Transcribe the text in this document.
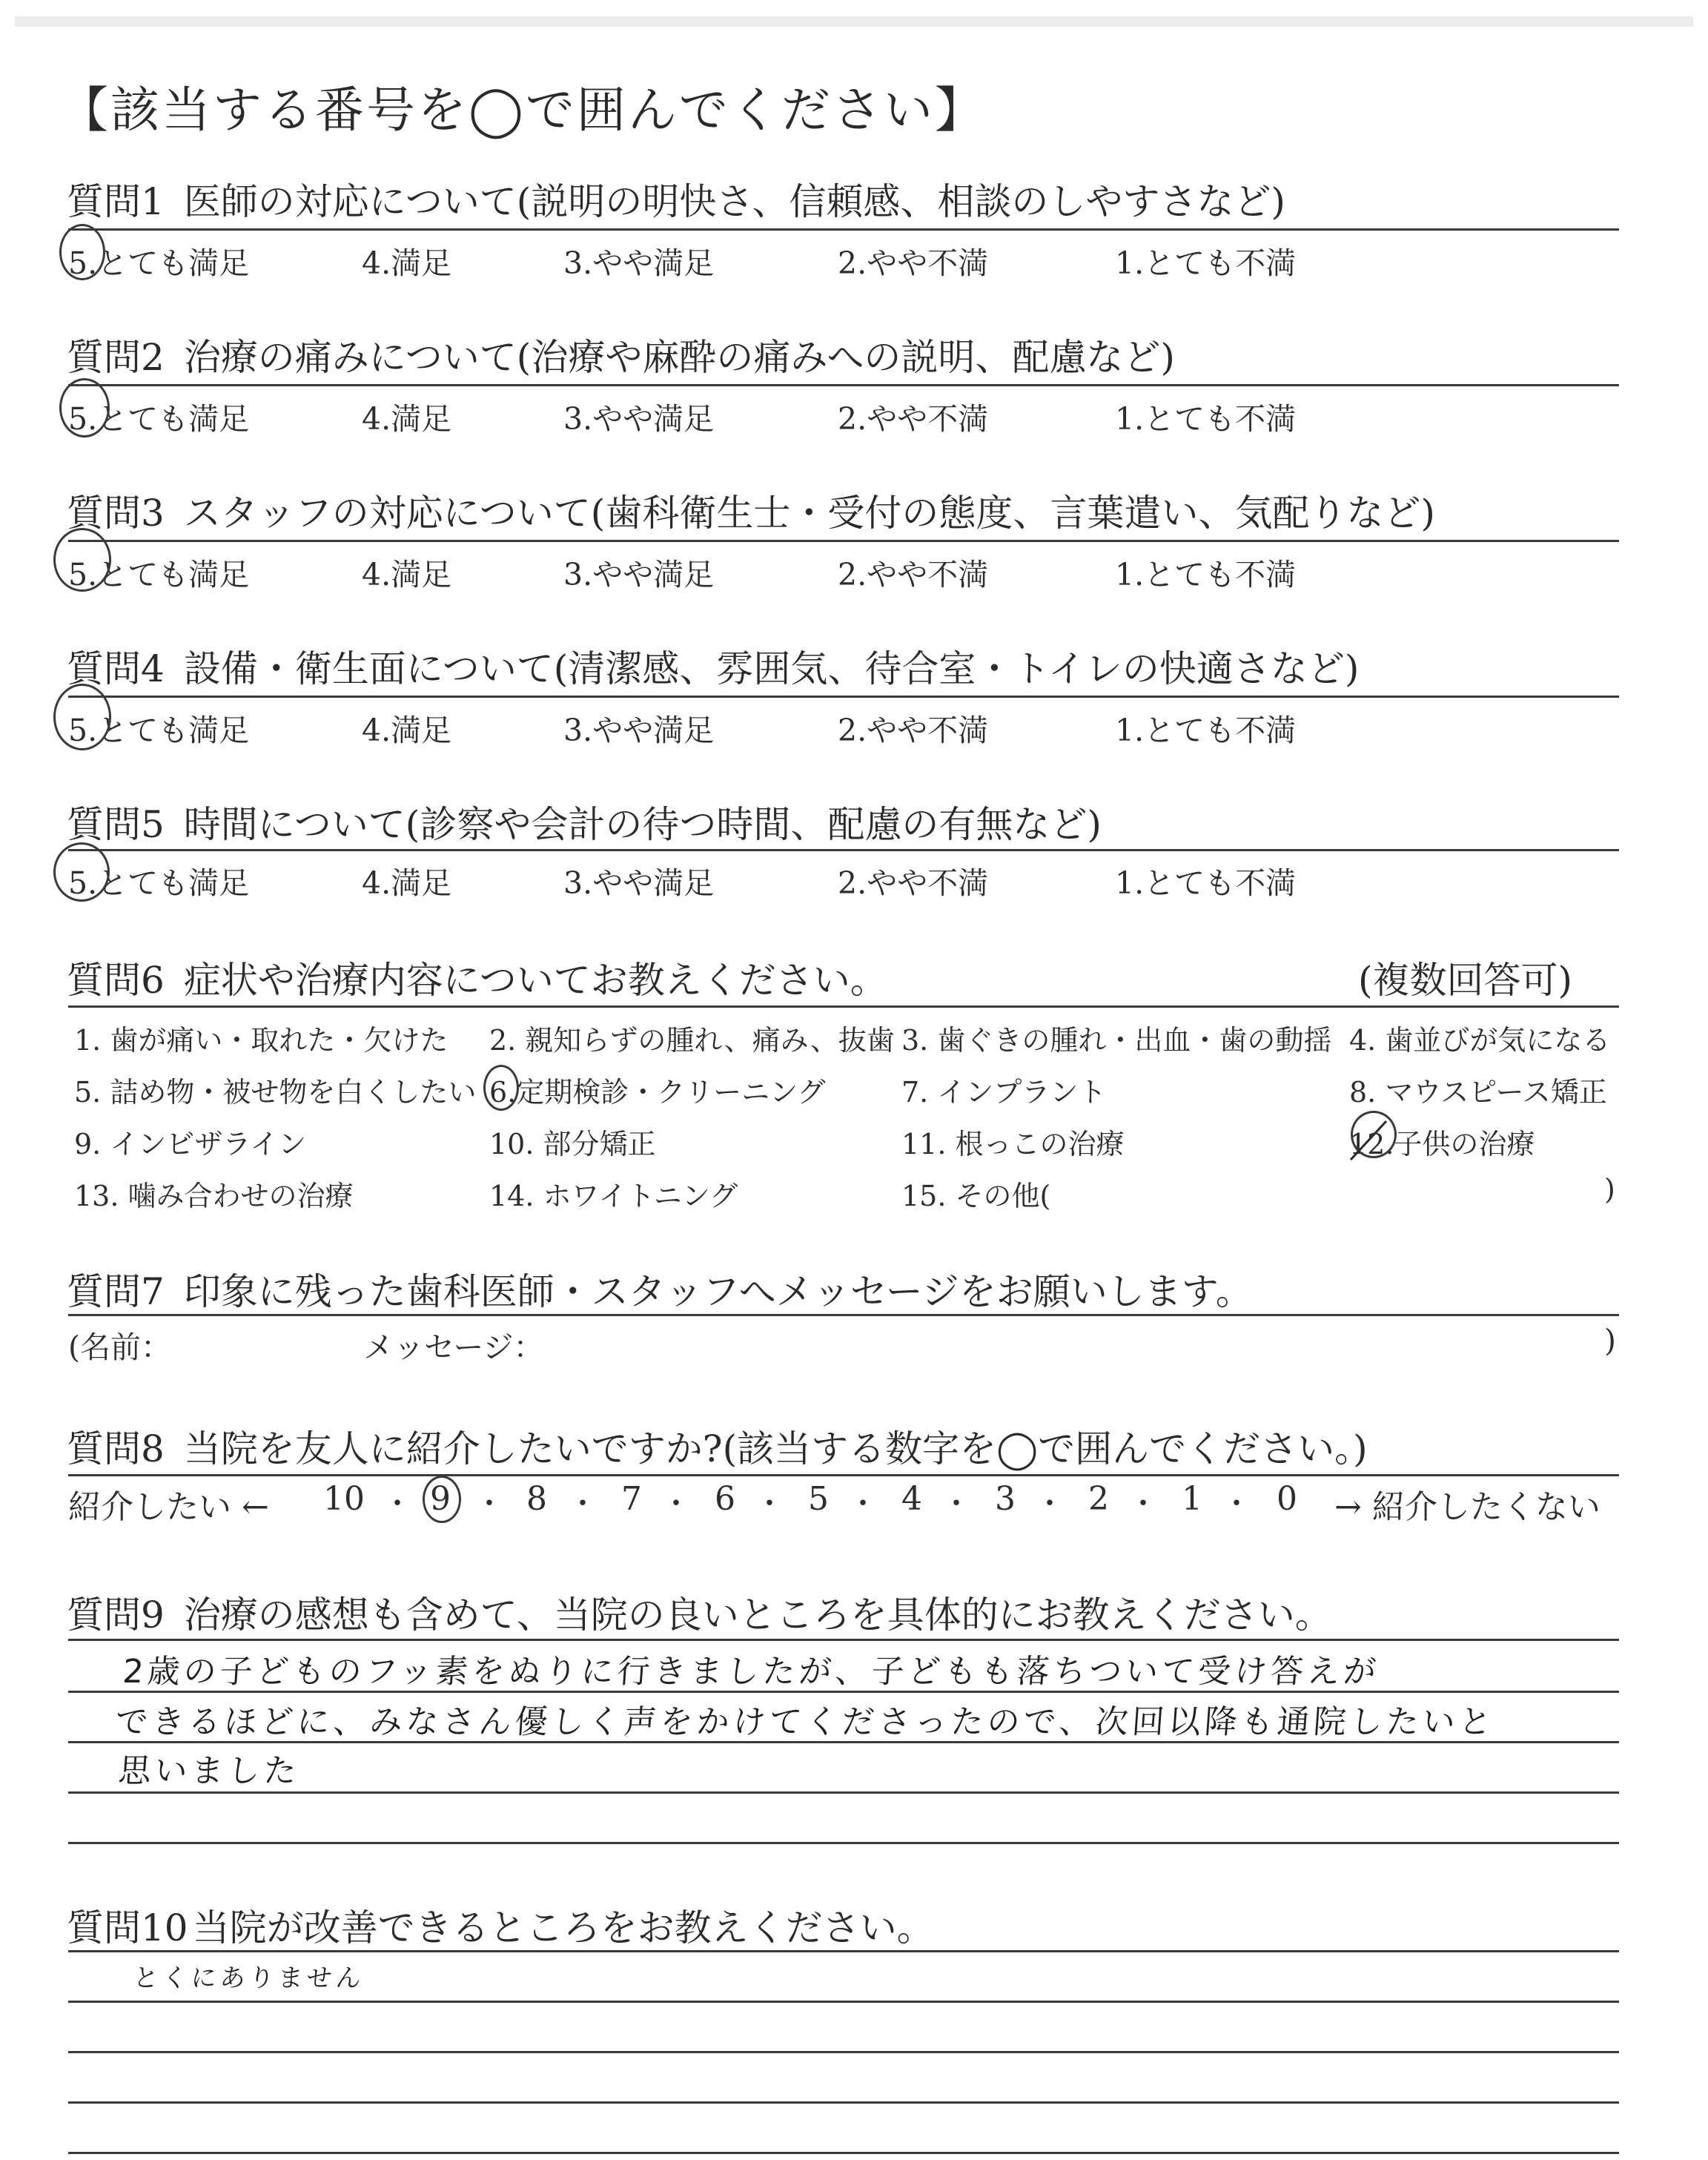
【該当する番号を◯で囲んでください】
質問1 医師の対応について(説明の明快さ、信頼感、相談のしやすさなど)
5.とても満足	4.満足	3.やや満足	2.やや不満	1.とても不満
質問2 治療の痛みについて(治療や麻酔の痛みへの説明、配慮など)
5.とても満足	4.満足	3.やや満足	2.やや不満	1.とても不満
質問3 スタッフの対応について(歯科衛生士・受付の態度、言葉遣い、気配りなど)
5.とても満足	4.満足	3.やや満足	2.やや不満	1.とても不満
質問4 設備・衛生面について(清潔感、雰囲気、待合室・トイレの快適さなど)
5.とても満足	4.満足	3.やや満足	2.やや不満	1.とても不満
質問5 時間について(診察や会計の待つ時間、配慮の有無など)
5.とても満足	4.満足	3.やや満足	2.やや不満	1.とても不満
質問6 症状や治療内容についてお教えください。	(複数回答可)
1. 歯が痛い・取れた・欠けた 2. 親知らずの腫れ、痛み、抜歯 3. 歯ぐきの腫れ・出血・歯の動揺 4. 歯並びが気になる
5. 詰め物・被せ物を白くしたい 6.定期検診・クリーニング	7. インプラント	8. マウスピース矯正
9. インビザライン	10. 部分矯正	11. 根っこの治療	12.子供の治療
13. 噛み合わせの治療	14. ホワイトニング	15. その他(	)
質問7 印象に残った歯科医師・スタッフへメッセージをお願いします。
(名前：	メッセージ：	)
質問8 当院を友人に紹介したいですか?(該当する数字を◯で囲んでください。)
紹介したい ←	→ 紹介したくない
10 ・ 9 ・ 8 ・ 7 ・ 6 ・ 5 ・ 4 ・ 3 ・ 2 ・ 1 ・ 0
質問9 治療の感想も含めて、当院の良いところを具体的にお教えください。
2歳の子どものフッ素をぬりに行きましたが、子どもも落ちついて受け答えが
できるほどに、みなさん優しく声をかけてくださったので、次回以降も通院したいと
思いました
質問10 当院が改善できるところをお教えください。
とくにありません
